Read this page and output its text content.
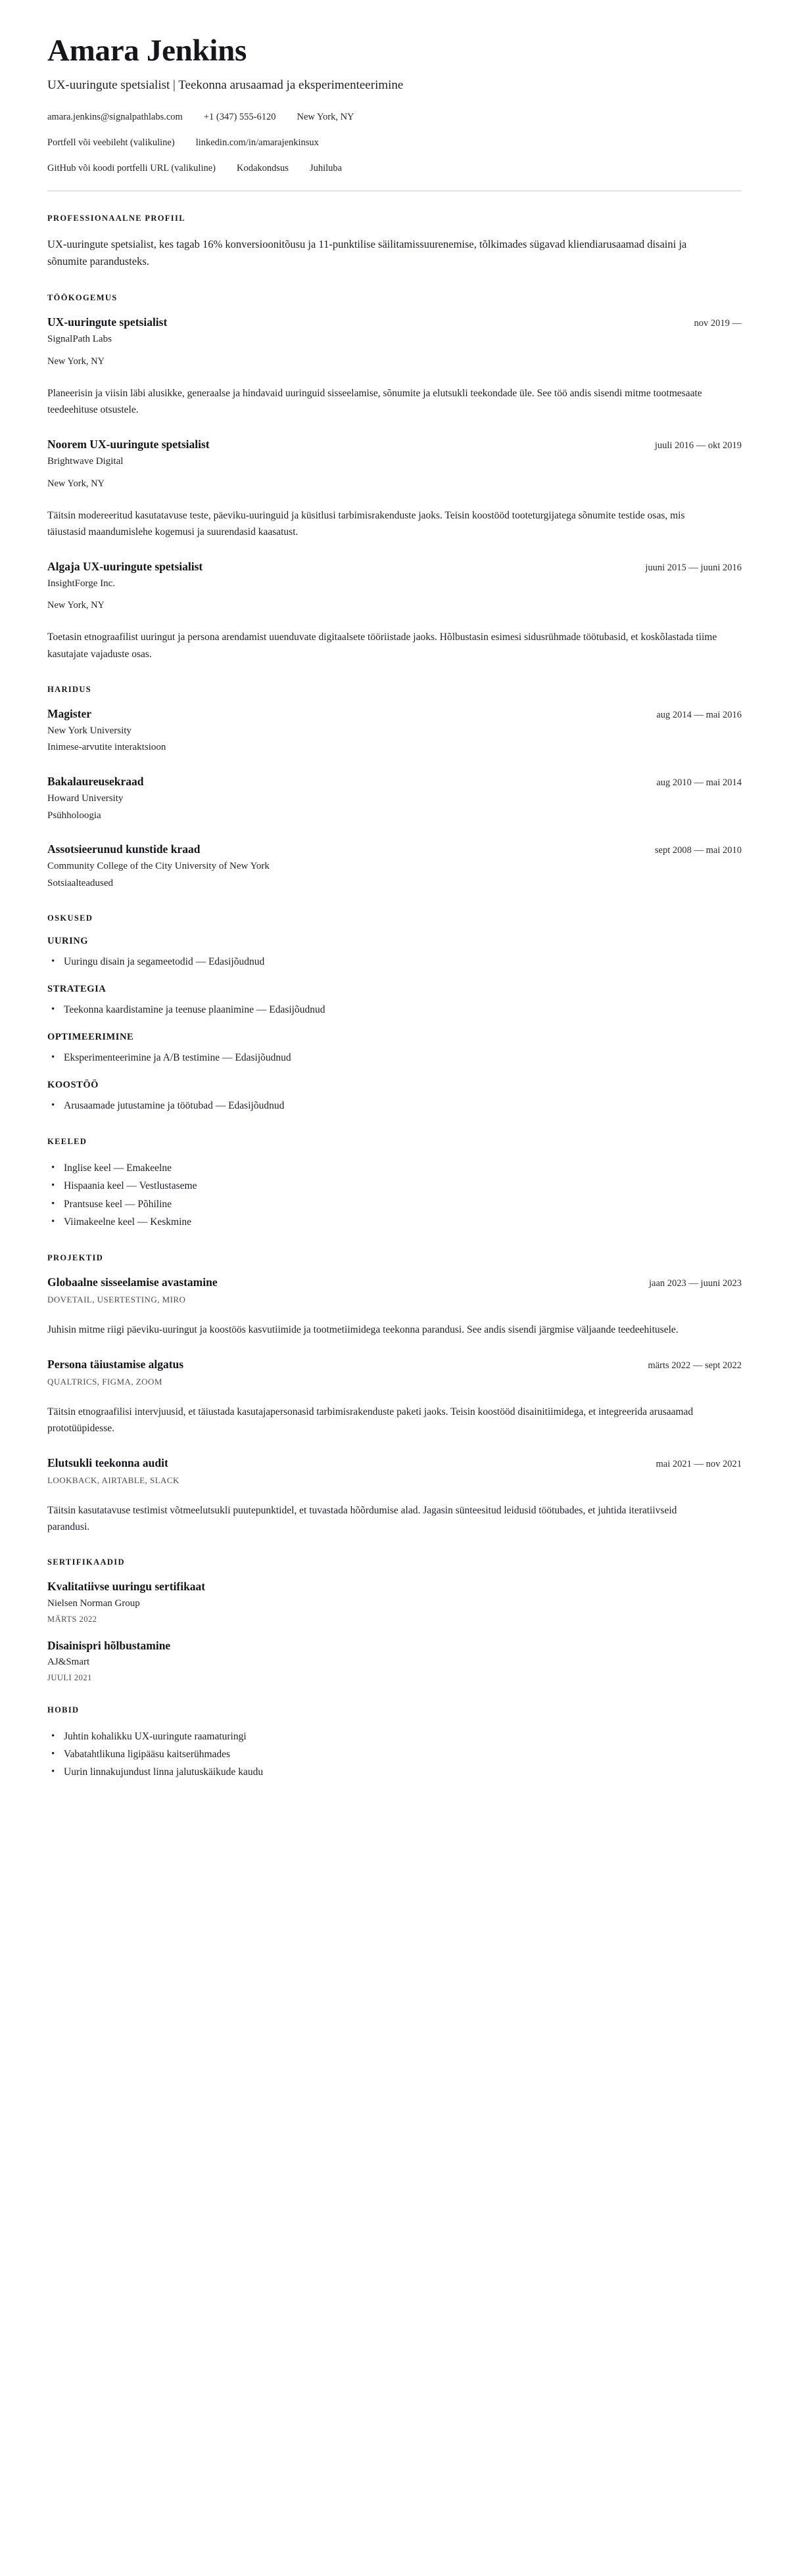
Amara Jenkins

UX-uuringute spetsialist | Teekonna arusaamad ja eksperimenteerimine

amara.jenkins@signalpathlabs.com +1 (347) 555-6120 New York, NY
Portfell või veebileht (valikuline) linkedin.com/in/amarajenkinsux
GitHub või koodi portfelli URL (valikuline) Kodakondsus Juhiluba
PROFESSIONAALNE PROFIIL

UX-uuringute spetsialist, kes tagab 16% konversioonitõusu ja 11-punktilise säilitamissuurenemise, tõlkimades sügavad kliendiarusaamad disaini ja sõnumite parandusteks.

TÖÖKOGEMUS
UX-uuringute spetsialist	nov 2019 —

SignalPath Labs

New York, NY

Planeerisin ja viisin läbi alusikke, generaalse ja hindavaid uuringuid sisseelamise, sõnumite ja elutsukli teekondade üle. See töö andis sisendi mitme tootmesaate teedeehituse otsustele.

Noorem UX-uuringute spetsialist	juuli 2016 — okt 2019

Brightwave Digital

New York, NY

Täitsin modereeritud kasutatavuse teste, päeviku-uuringuid ja küsitlusi tarbimisrakenduste jaoks. Teisin koostööd tooteturgijatega sõnumite testide osas, mis täiustasid maandumislehe kogemusi ja suurendasid kaasatust.

Algaja UX-uuringute spetsialist	juuni 2015 — juuni 2016

InsightForge Inc.

New York, NY

Toetasin etnograafilist uuringut ja persona arendamist uuenduvate digitaalsete tööriistade jaoks. Hõlbustasin esimesi sidusrühmade töötubasid, et koskõlastada tiime kasutajate vajaduste osas.

HARIDUS
Magister	aug 2014 — mai 2016

New York University

Inimese-arvutite interaktsioon

Bakalaureusekraad	aug 2010 — mai 2014

Howard University

Psühholoogia

Assotsieerunud kunstide kraad	sept 2008 — mai 2010

Community College of the City University of New York

Sotsiaalteadused

OSKUSED
UURING
• Uuringu disain ja segameetodid — Edasijõudnud
STRATEGIA
• Teekonna kaardistamine ja teenuse plaanimine — Edasijõudnud
OPTIMEERIMINE
• Eksperimenteerimine ja A/B testimine — Edasijõudnud
KOOSTÖÖ
• Arusaamade jutustamine ja töötubad — Edasijõudnud
KEELED
• Inglise keel — Emakeelne
• Hispaania keel — Vestlustaseme
• Prantsuse keel — Põhiline
• Viimakeelne keel — Keskmine
PROJEKTID
Globaalne sisseelamise avastamine	jaan 2023 — juuni 2023

DOVETAIL, USERTESTING, MIRO

Juhisin mitme riigi päeviku-uuringut ja koostöös kasvutiimide ja tootmetiimidega teekonna parandusi. See andis sisendi järgmise väljaande teedeehitusele.

Persona täiustamise algatus	märts 2022 — sept 2022

QUALTRICS, FIGMA, ZOOM

Täitsin etnograafilisi intervjuusid, et täiustada kasutajapersonasid tarbimisrakenduste paketi jaoks. Teisin koostööd disainitiimidega, et integreerida arusaamad prototüüpidesse.

Elutsukli teekonna audit	mai 2021 — nov 2021

LOOKBACK, AIRTABLE, SLACK

Täitsin kasutatavuse testimist võtmeelutsukli puutepunktidel, et tuvastada hõõrdumise alad. Jagasin sünteesitud leidusid töötubades, et juhtida iteratiivseid parandusi.

SERTIFIKAADID
Kvalitatiivse uuringu sertifikaat

Nielsen Norman Group

MÄRTS 2022

Disainispri hõlbustamine

AJ&Smart

JUULI 2021

HOBID
• Juhtin kohalikku UX-uuringute raamaturingi
• Vabatahtlikuna ligipääsu kaitserühmades
• Uurin linnakujundust linna jalutuskäikude kaudu
